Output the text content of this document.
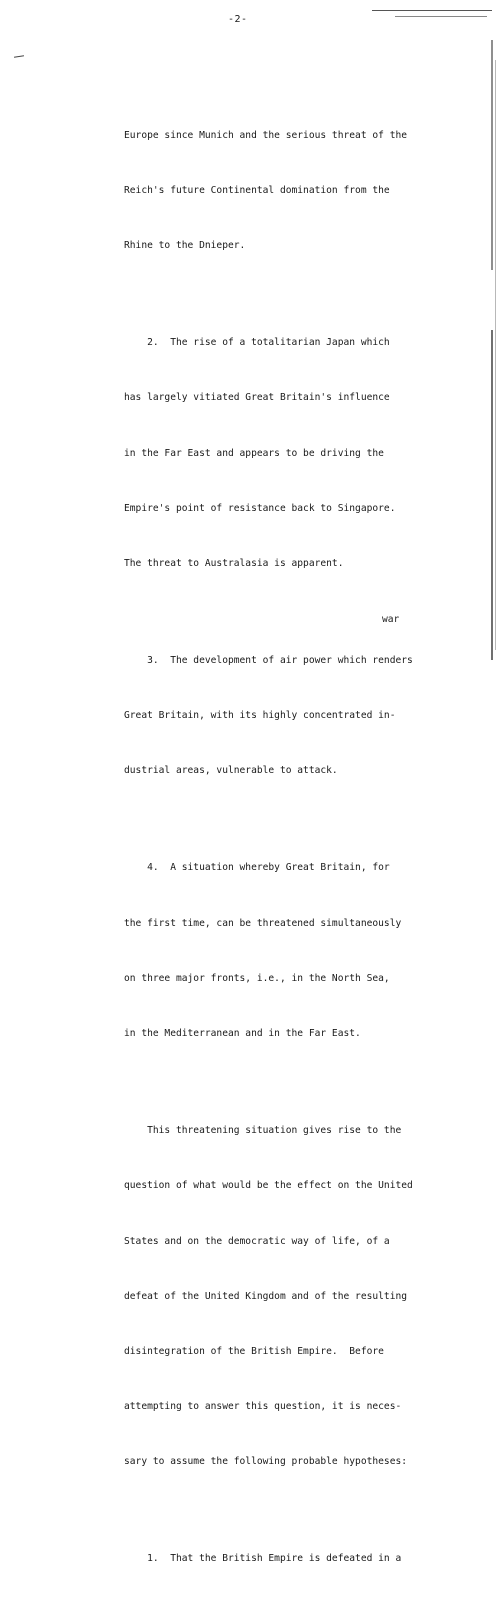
-2-

Europe since Munich and the serious threat of the

Reich's future Continental domination from the

Rhine to the Dnieper.

2.  The rise of a totalitarian Japan which

has largely vitiated Great Britain's influence

in the Far East and appears to be driving the

Empire's point of resistance back to Singapore.

The threat to Australasia is apparent.

3.  The development of air power which renders

Great Britain, with its highly concentrated in-

dustrial areas, vulnerable to attack.

4.  A situation whereby Great Britain, for

the first time, can be threatened simultaneously

on three major fronts, i.e., in the North Sea,

in the Mediterranean and in the Far East.

This threatening situation gives rise to the

question of what would be the effect on the United

States and on the democratic way of life, of a

defeat of the United Kingdom and of the resulting

disintegration of the British Empire.  Before

attempting to answer this question, it is neces-

sary to assume the following probable hypotheses:

1.  That the British Empire is defeated in a

war
